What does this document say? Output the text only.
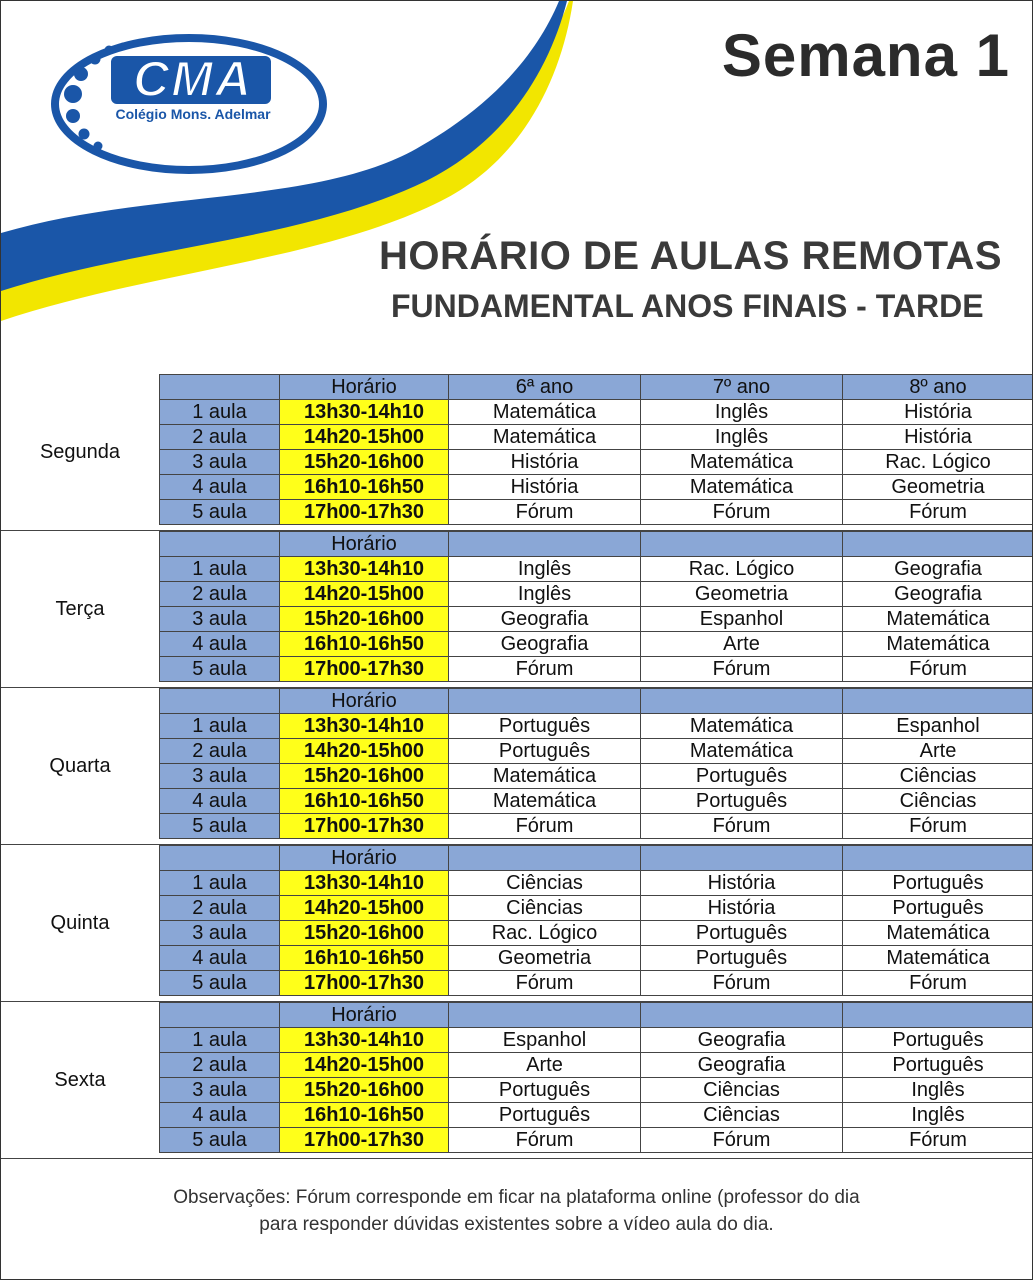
CMA
Colégio Mons. Adelmar
Semana 1
HORÁRIO DE AULAS REMOTAS
FUNDAMENTAL ANOS FINAIS - TARDE
Segunda
	Horário	6ª ano	7º ano	8º ano
1 aula	13h30-14h10	Matemática	Inglês	História
2 aula	14h20-15h00	Matemática	Inglês	História
3 aula	15h20-16h00	História	Matemática	Rac. Lógico
4 aula	16h10-16h50	História	Matemática	Geometria
5 aula	17h00-17h30	Fórum	Fórum	Fórum
Terça
	Horário			
1 aula	13h30-14h10	Inglês	Rac. Lógico	Geografia
2 aula	14h20-15h00	Inglês	Geometria	Geografia
3 aula	15h20-16h00	Geografia	Espanhol	Matemática
4 aula	16h10-16h50	Geografia	Arte	Matemática
5 aula	17h00-17h30	Fórum	Fórum	Fórum
Quarta
	Horário			
1 aula	13h30-14h10	Português	Matemática	Espanhol
2 aula	14h20-15h00	Português	Matemática	Arte
3 aula	15h20-16h00	Matemática	Português	Ciências
4 aula	16h10-16h50	Matemática	Português	Ciências
5 aula	17h00-17h30	Fórum	Fórum	Fórum
Quinta
	Horário			
1 aula	13h30-14h10	Ciências	História	Português
2 aula	14h20-15h00	Ciências	História	Português
3 aula	15h20-16h00	Rac. Lógico	Português	Matemática
4 aula	16h10-16h50	Geometria	Português	Matemática
5 aula	17h00-17h30	Fórum	Fórum	Fórum
Sexta
	Horário			
1 aula	13h30-14h10	Espanhol	Geografia	Português
2 aula	14h20-15h00	Arte	Geografia	Português
3 aula	15h20-16h00	Português	Ciências	Inglês
4 aula	16h10-16h50	Português	Ciências	Inglês
5 aula	17h00-17h30	Fórum	Fórum	Fórum
Observações: Fórum corresponde em ficar na plataforma online (professor do dia
para responder dúvidas existentes sobre a vídeo aula do dia.
